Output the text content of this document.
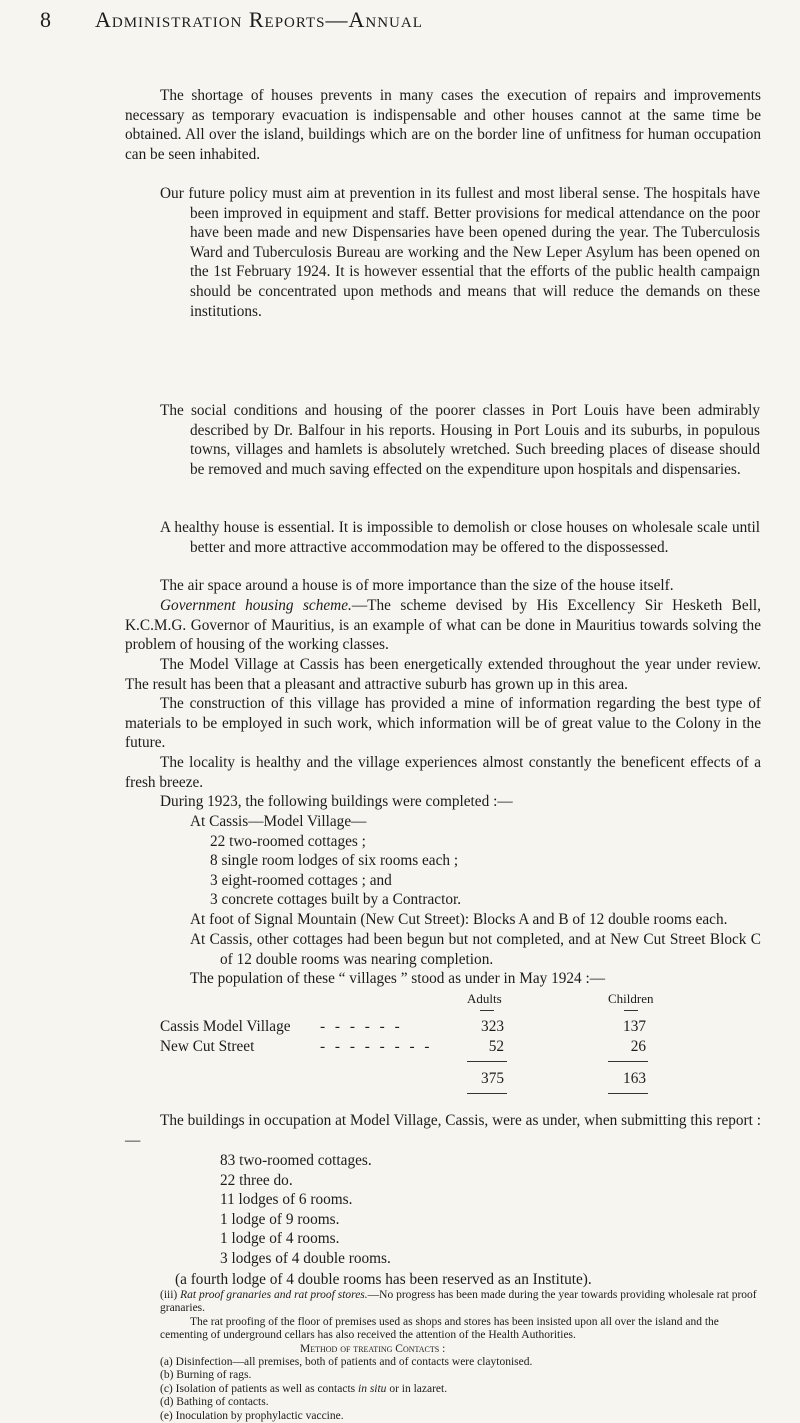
8 Administration Reports—Annual
The shortage of houses prevents in many cases the execution of repairs and improvements necessary as temporary evacuation is indispensable and other houses cannot at the same time be obtained. All over the island, buildings which are on the border line of unfitness for human occupation can be seen inhabited.
Our future policy must aim at prevention in its fullest and most liberal sense. The hospitals have been improved in equipment and staff. Better provisions for medical attendance on the poor have been made and new Dispensaries have been opened during the year. The Tuberculosis Ward and Tuberculosis Bureau are working and the New Leper Asylum has been opened on the 1st February 1924. It is however essential that the efforts of the public health campaign should be concentrated upon methods and means that will reduce the demands on these institutions.
The social conditions and housing of the poorer classes in Port Louis have been admirably described by Dr. Balfour in his reports. Housing in Port Louis and its suburbs, in populous towns, villages and hamlets is absolutely wretched. Such breeding places of disease should be removed and much saving effected on the expenditure upon hospitals and dispensaries.
A healthy house is essential. It is impossible to demolish or close houses on wholesale scale until better and more attractive accommodation may be offered to the dispossessed.
The air space around a house is of more importance than the size of the house itself.
Government housing scheme.—The scheme devised by His Excellency Sir Hesketh Bell, K.C.M.G. Governor of Mauritius, is an example of what can be done in Mauritius towards solving the problem of housing of the working classes.
The Model Village at Cassis has been energetically extended throughout the year under review. The result has been that a pleasant and attractive suburb has grown up in this area.
The construction of this village has provided a mine of information regarding the best type of materials to be employed in such work, which information will be of great value to the Colony in the future.
The locality is healthy and the village experiences almost constantly the beneficent effects of a fresh breeze.
During 1923, the following buildings were completed :—
At Cassis—Model Village—
22 two-roomed cottages ;
8 single room lodges of six rooms each ;
3 eight-roomed cottages ; and
3 concrete cottages built by a Contractor.
At foot of Signal Mountain (New Cut Street): Blocks A and B of 12 double rooms each.
At Cassis, other cottages had been begun but not completed, and at New Cut Street Block C of 12 double rooms was nearing completion.
The population of these “ villages ” stood as under in May 1924 :—
Adults	Children
Cassis Model Village - - - - - -	323	137
New Cut Street	- - - - - - - -	52	26
375	163
The buildings in occupation at Model Village, Cassis, were as under, when submitting this report :—
83 two-roomed cottages.
22 three do.
11 lodges of 6 rooms.
1 lodge of 9 rooms.
1 lodge of 4 rooms.
3 lodges of 4 double rooms.
(a fourth lodge of 4 double rooms has been reserved as an Institute).
(iii) Rat proof granaries and rat proof stores.—No progress has been made during the year towards providing wholesale rat proof granaries.
The rat proofing of the floor of premises used as shops and stores has been insisted upon all over the island and the cementing of underground cellars has also received the attention of the Health Authorities.
Method of treating Contacts :
(a) Disinfection—all premises, both of patients and of contacts were claytonised.
(b) Burning of rags.
(c) Isolation of patients as well as contacts in situ or in lazaret.
(d) Bathing of contacts.
(e) Inoculation by prophylactic vaccine.
